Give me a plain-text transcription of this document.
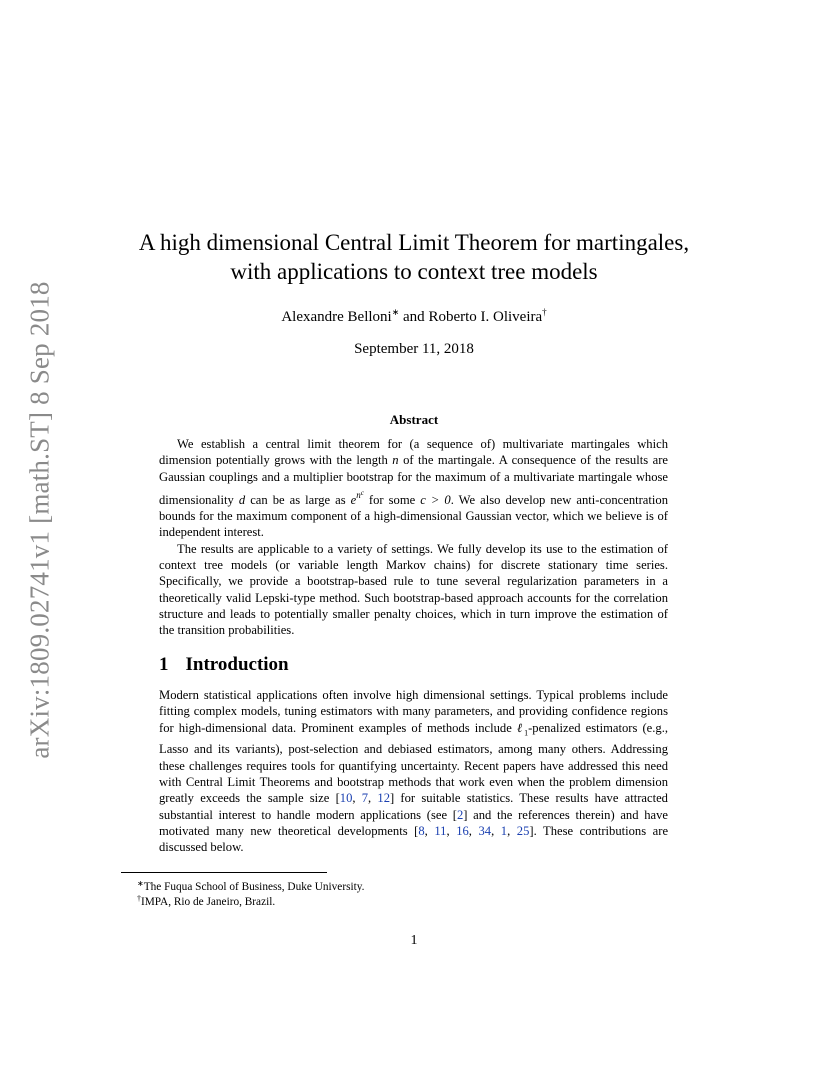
arXiv:1809.02741v1 [math.ST] 8 Sep 2018
A high dimensional Central Limit Theorem for martingales,
with applications to context tree models
Alexandre Belloni∗ and Roberto I. Oliveira†
September 11, 2018
Abstract

We establish a central limit theorem for (a sequence of) multivariate martingales which dimension potentially grows with the length n of the martingale. A consequence of the results are Gaussian couplings and a multiplier bootstrap for the maximum of a multivariate martingale whose dimensionality d can be as large as $e^{n^c}$ for some c > 0. We also develop new anti-concentration bounds for the maximum component of a high-dimensional Gaussian vector, which we believe is of independent interest.

The results are applicable to a variety of settings. We fully develop its use to the estimation of context tree models (or variable length Markov chains) for discrete stationary time series. Specifically, we provide a bootstrap-based rule to tune several regularization parameters in a theoretically valid Lepski-type method. Such bootstrap-based approach accounts for the correlation structure and leads to potentially smaller penalty choices, which in turn improve the estimation of the transition probabilities.

1 Introduction

Modern statistical applications often involve high dimensional settings. Typical problems include fitting complex models, tuning estimators with many parameters, and providing confidence regions for high-dimensional data. Prominent examples of methods include ℓ$_1$-penalized estimators (e.g., Lasso and its variants), post-selection and debiased estimators, among many others. Addressing these challenges requires tools for quantifying uncertainty. Recent papers have addressed this need with Central Limit Theorems and bootstrap methods that work even when the problem dimension greatly exceeds the sample size [10, 7, 12] for suitable statistics. These results have attracted substantial interest to handle modern applications (see [2] and the references therein) and have motivated many new theoretical developments [8, 11, 16, 34, 1, 25]. These contributions are discussed below.

∗The Fuqua School of Business, Duke University.
†IMPA, Rio de Janeiro, Brazil.
1
